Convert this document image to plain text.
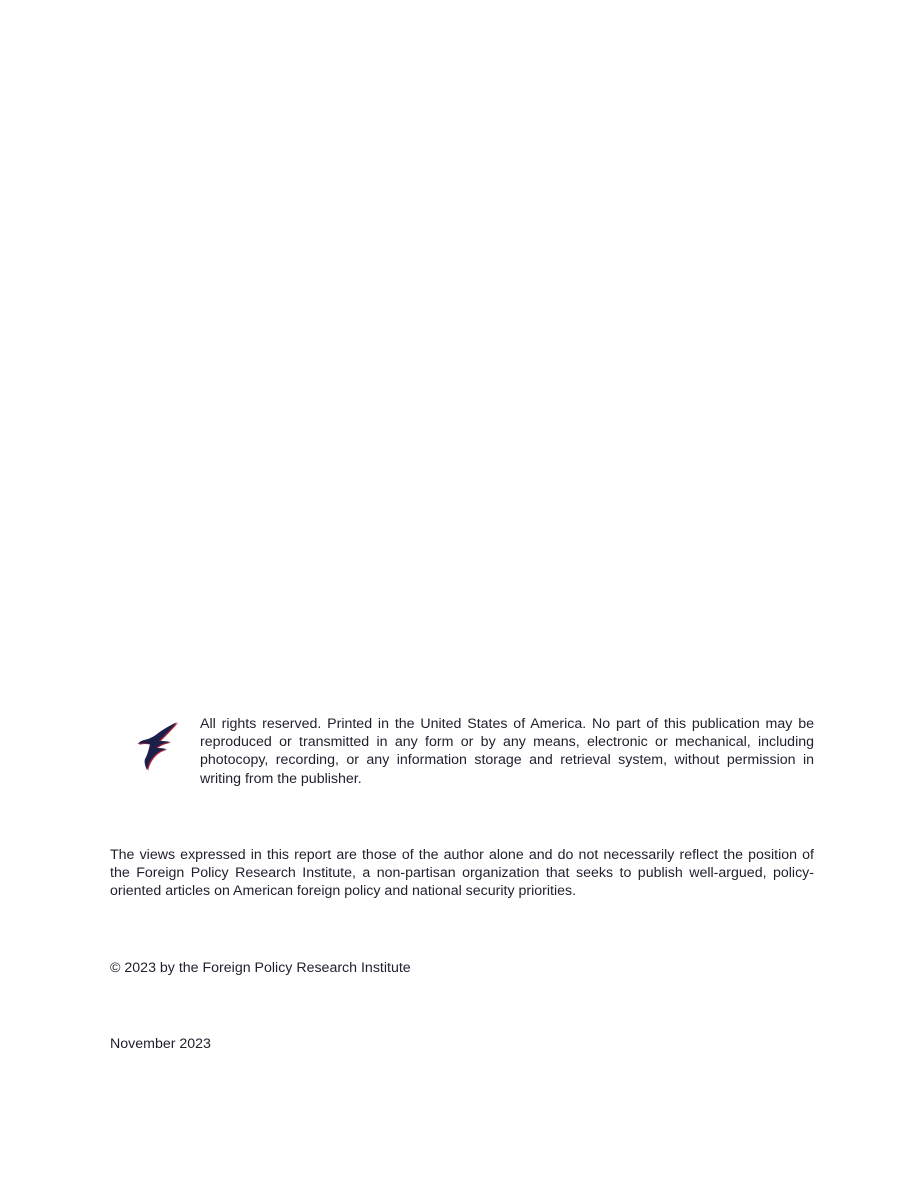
All rights reserved. Printed in the United States of America. No part of this publication may be reproduced or transmitted in any form or by any means, electronic or mechanical, including photocopy, recording, or any information storage and retrieval system, without permission in writing from the publisher.

The views expressed in this report are those of the author alone and do not necessarily reflect the position of the Foreign Policy Research Institute, a non-partisan organization that seeks to publish well-argued, policy-oriented articles on American foreign policy and national security priorities.

© 2023 by the Foreign Policy Research Institute

November 2023
